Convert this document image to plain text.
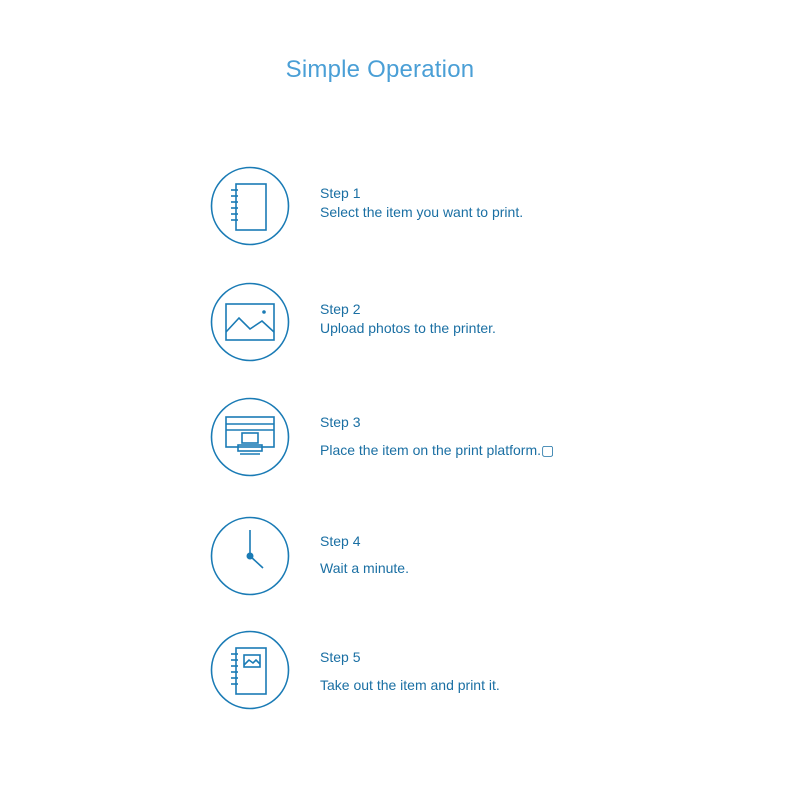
Simple Operation
Step 1
Select the item you want to print.
Step 2
Upload photos to the printer.
Step 3
Place the item on the print platform.▢
Step 4
Wait a minute.
Step 5
Take out the item and print it.
